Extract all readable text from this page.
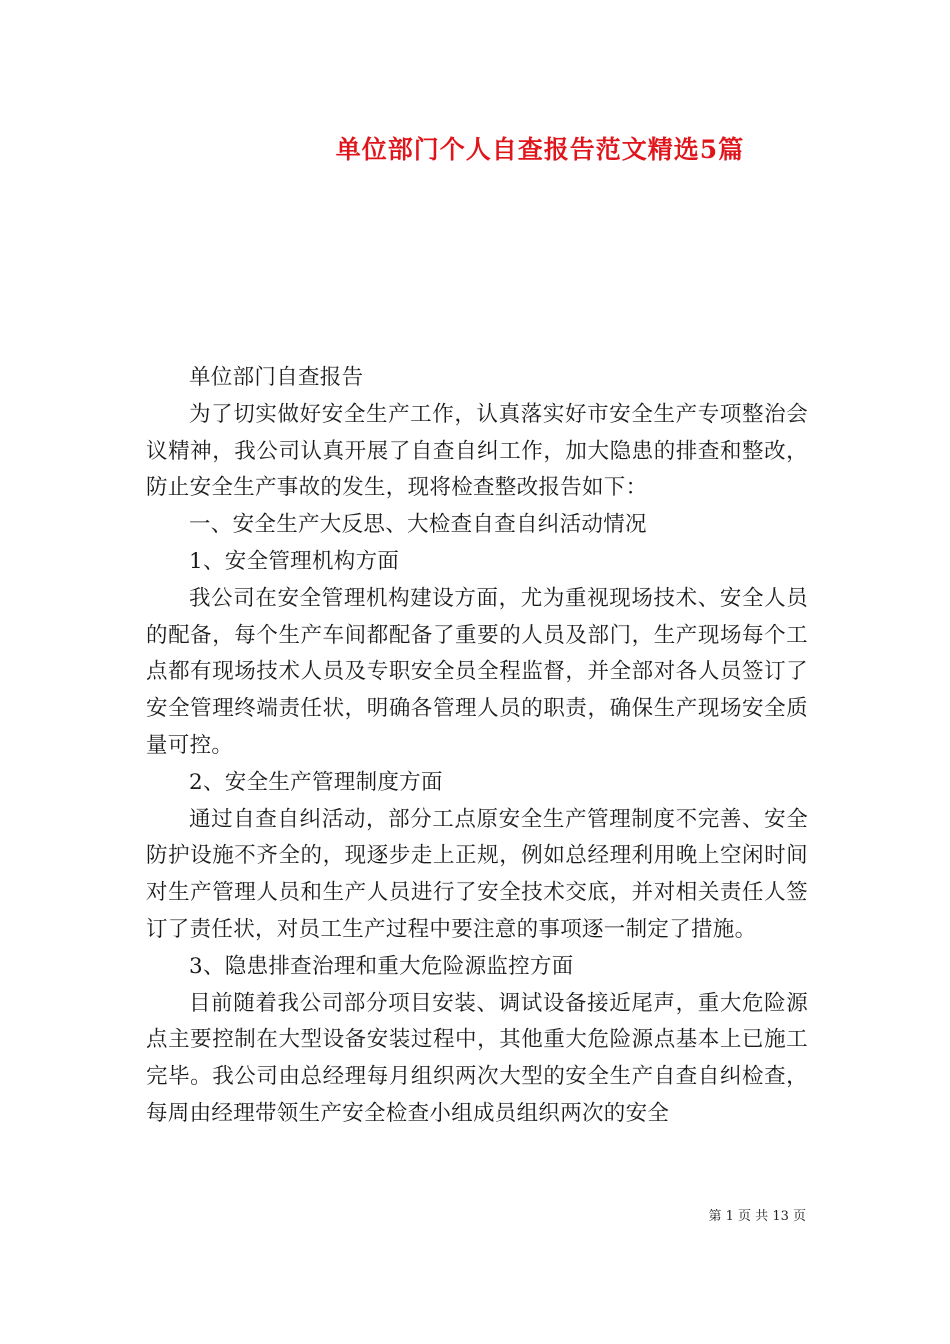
单位部门个人自查报告范文精选5篇

单位部门自查报告

为了切实做好安全生产工作，认真落实好市安全生产专项整治会议精神，我公司认真开展了自查自纠工作，加大隐患的排查和整改，防止安全生产事故的发生，现将检查整改报告如下：

一、安全生产大反思、大检查自查自纠活动情况

1、安全管理机构方面

我公司在安全管理机构建设方面，尤为重视现场技术、安全人员的配备，每个生产车间都配备了重要的人员及部门，生产现场每个工点都有现场技术人员及专职安全员全程监督，并全部对各人员签订了安全管理终端责任状，明确各管理人员的职责，确保生产现场安全质量可控。

2、安全生产管理制度方面

通过自查自纠活动，部分工点原安全生产管理制度不完善、安全防护设施不齐全的，现逐步走上正规，例如总经理利用晚上空闲时间对生产管理人员和生产人员进行了安全技术交底，并对相关责任人签订了责任状，对员工生产过程中要注意的事项逐一制定了措施。

3、隐患排查治理和重大危险源监控方面

目前随着我公司部分项目安装、调试设备接近尾声，重大危险源点主要控制在大型设备安装过程中，其他重大危险源点基本上已施工完毕。我公司由总经理每月组织两次大型的安全生产自查自纠检查，每周由经理带领生产安全检查小组成员组织两次的安全

第 1 页 共 13 页
